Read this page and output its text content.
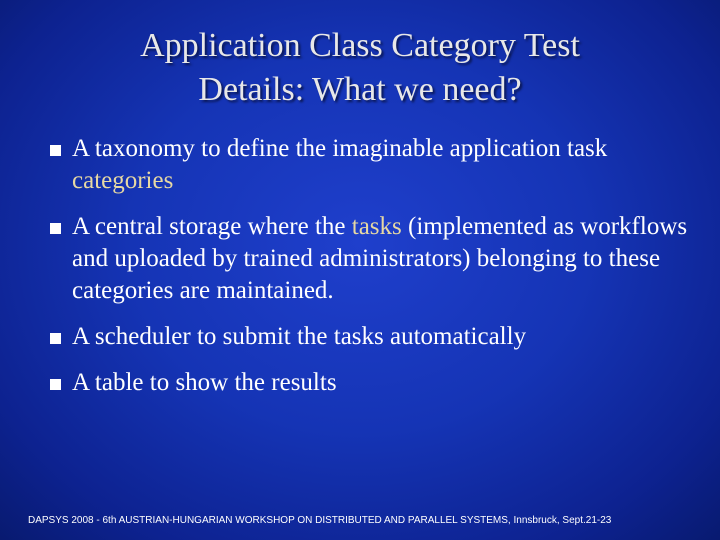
Application Class Category Test
Details: What we need?
A taxonomy to define the imaginable application task categories
A central storage where the tasks (implemented as workflows and uploaded by trained administrators) belonging to these categories are maintained.
A scheduler to submit the tasks automatically
A table to show the results
DAPSYS 2008 - 6th AUSTRIAN-HUNGARIAN WORKSHOP ON DISTRIBUTED AND PARALLEL SYSTEMS, Innsbruck, Sept.21-23
